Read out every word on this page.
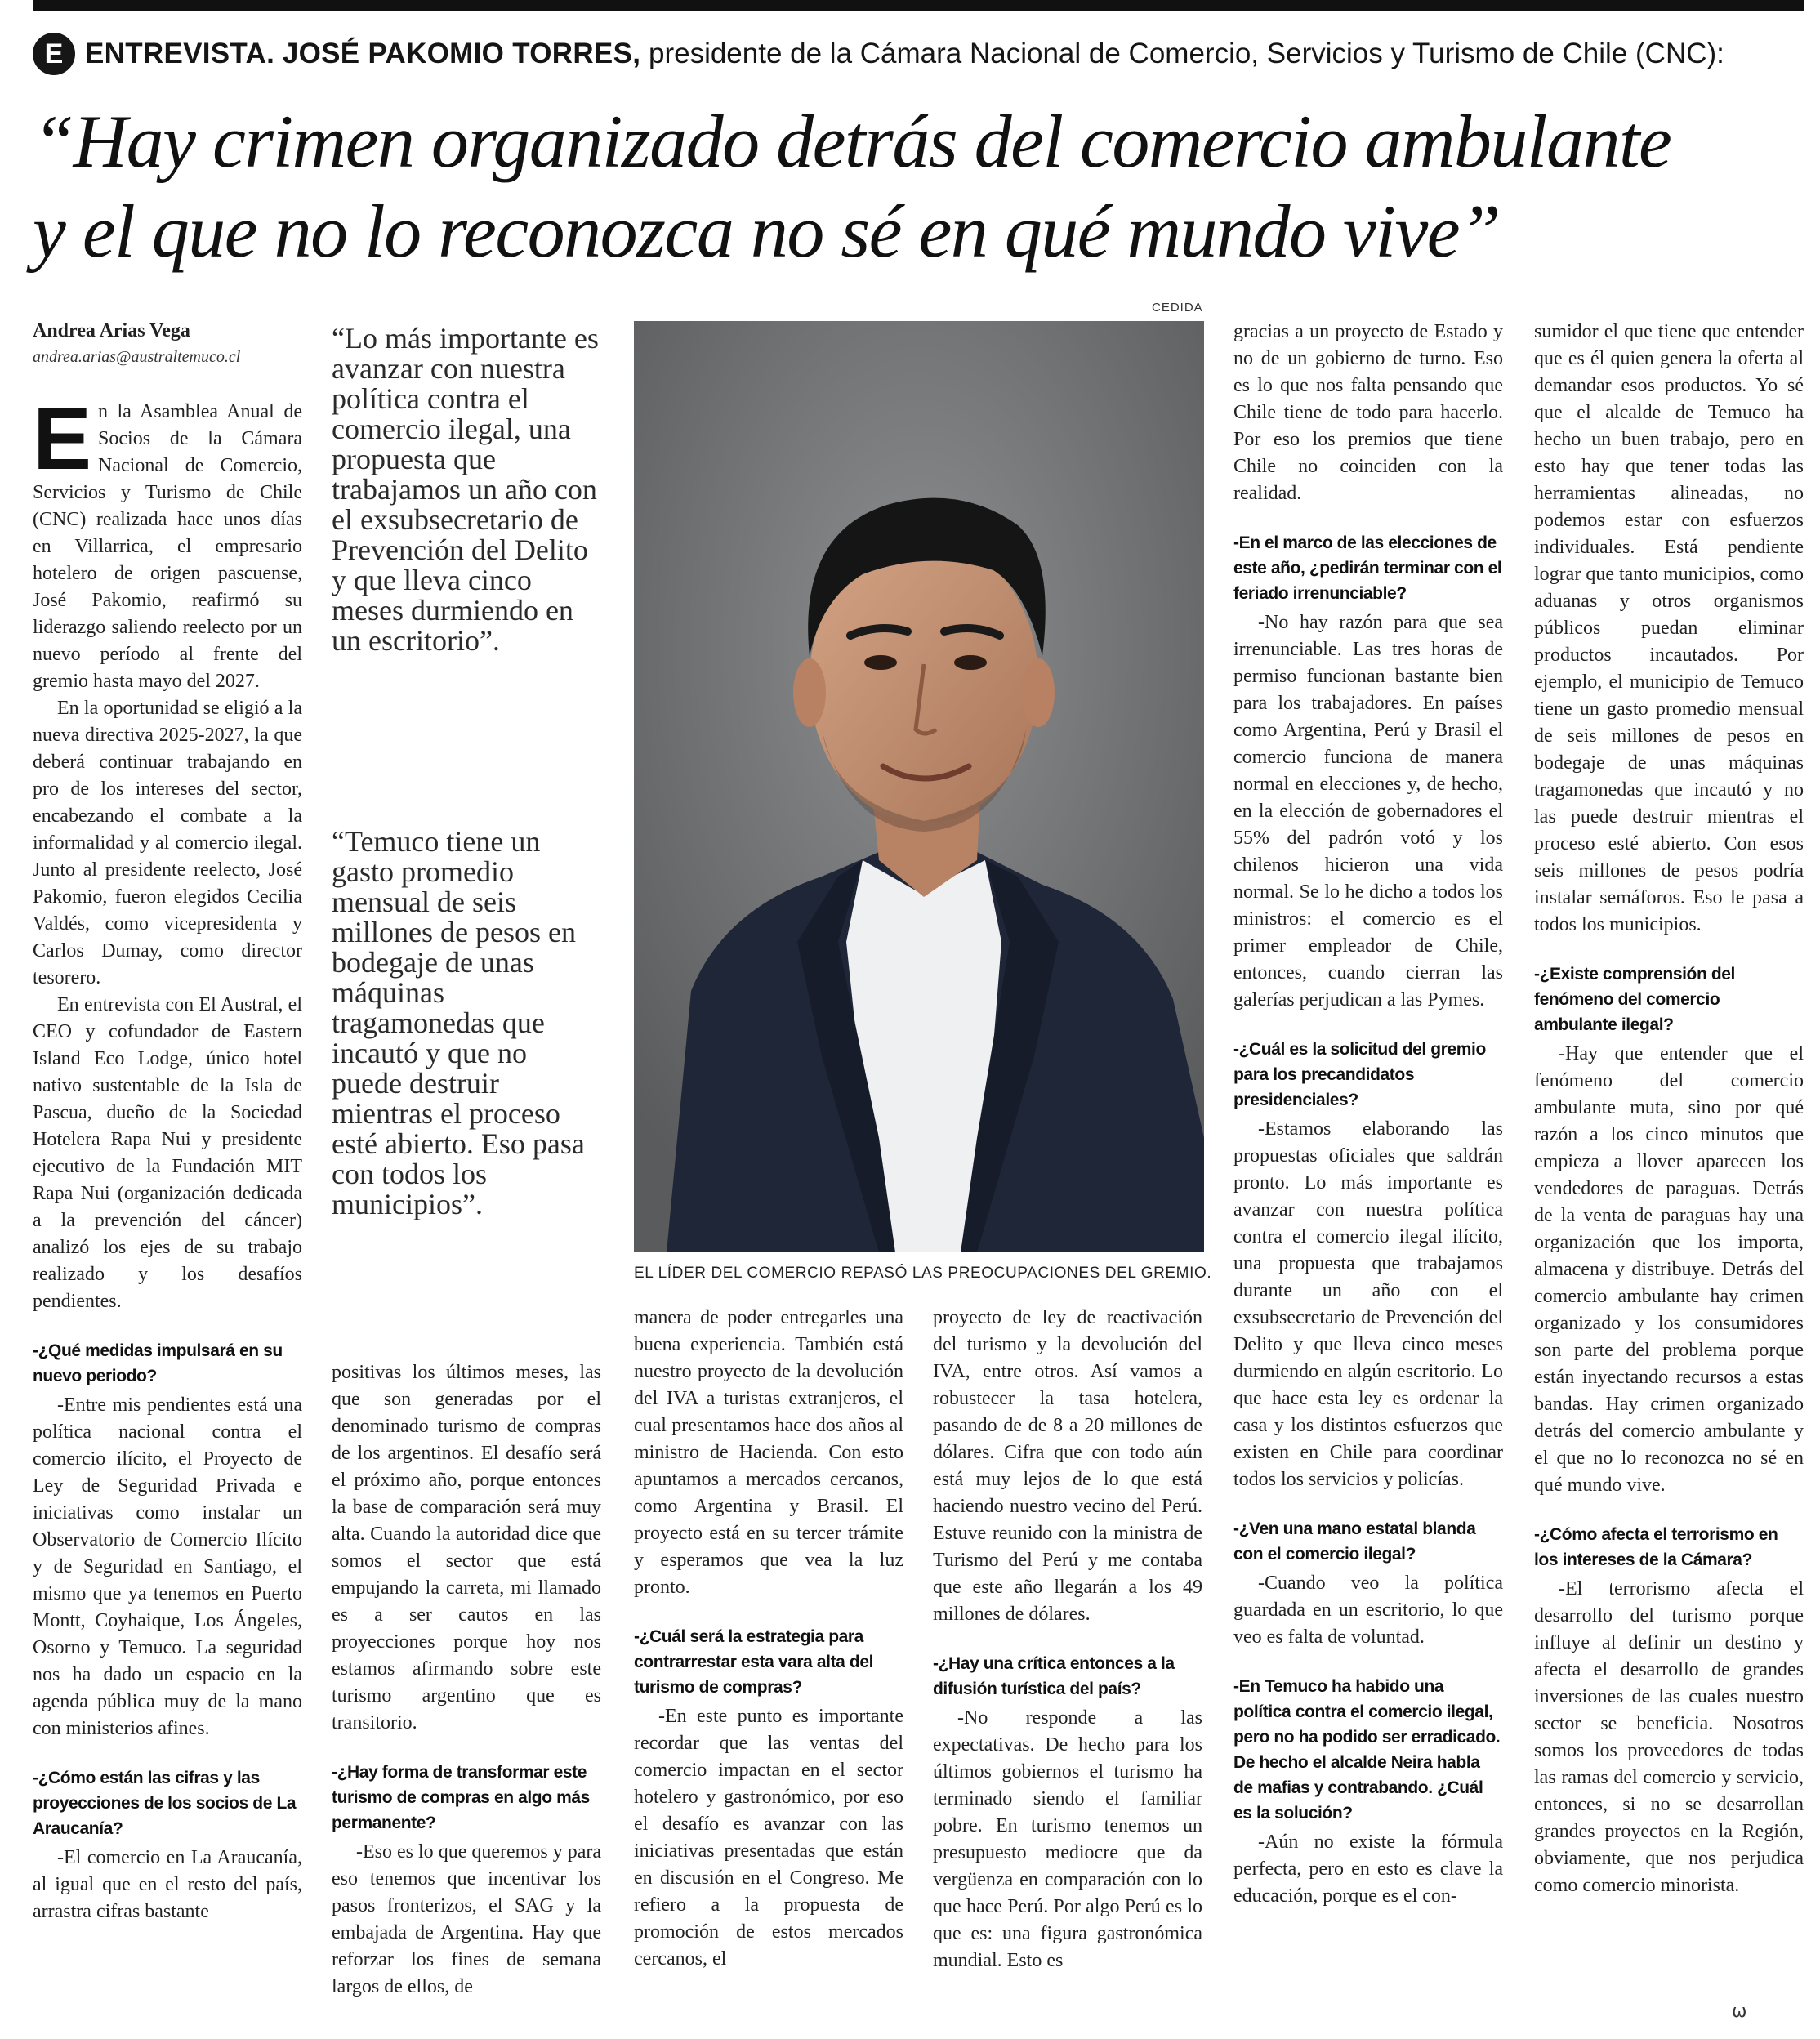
E ENTREVISTA.
JOSÉ PAKOMIO TORRES,
presidente de la Cámara Nacional de Comercio, Servicios y Turismo de Chile (CNC):
“Hay crimen organizado detrás del comercio ambulante
y el que no lo reconozca no sé en qué mundo vive”
Andrea Arias Vega
andrea.arias@australtemuco.cl

En la Asamblea Anual de Socios de la Cámara Nacional de Comercio, Servicios y Turismo de Chile (CNC) realizada hace unos días en Villarrica, el empresario hotelero de origen pascuense, José Pakomio, reafirmó su liderazgo saliendo reelecto por un nuevo período al frente del gremio hasta mayo del 2027.

En la oportunidad se eligió a la nueva directiva 2025-2027, la que deberá continuar trabajando en pro de los intereses del sector, encabezando el combate a la informalidad y al comercio ilegal. Junto al presidente reelecto, José Pakomio, fueron elegidos Cecilia Valdés, como vicepresidenta y Carlos Dumay, como director tesorero.

En entrevista con El Austral, el CEO y cofundador de Eastern Island Eco Lodge, único hotel nativo sustentable de la Isla de Pascua, dueño de la Sociedad Hotelera Rapa Nui y presidente ejecutivo de la Fundación MIT Rapa Nui (organización dedicada a la prevención del cáncer) analizó los ejes de su trabajo realizado y los desafíos pendientes.

-¿Qué medidas impulsará en su nuevo periodo?

-Entre mis pendientes está una política nacional contra el comercio ilícito, el Proyecto de Ley de Seguridad Privada e iniciativas como instalar un Observatorio de Comercio Ilícito y de Seguridad en Santiago, el mismo que ya tenemos en Puerto Montt, Coyhaique, Los Ángeles, Osorno y Temuco. La seguridad nos ha dado un espacio en la agenda pública muy de la mano con ministerios afines.

-¿Cómo están las cifras y las proyecciones de los socios de La Araucanía?

-El comercio en La Araucanía, al igual que en el resto del país, arrastra cifras bastante

“Lo más importante es avanzar con nuestra política contra el comercio ilegal, una propuesta que trabajamos un año con el exsubsecretario de Prevención del Delito y que lleva cinco meses durmiendo en un escritorio”.
“Temuco tiene un gasto promedio mensual de seis millones de pesos en bodegaje de unas máquinas tragamonedas que incautó y que no puede destruir mientras el proceso esté abierto. Eso pasa con todos los municipios”.
CEDIDA
EL LÍDER DEL COMERCIO REPASÓ LAS PREOCUPACIONES DEL GREMIO.

positivas los últimos meses, las que son generadas por el denominado turismo de compras de los argentinos. El desafío será el próximo año, porque entonces la base de comparación será muy alta. Cuando la autoridad dice que somos el sector que está empujando la carreta, mi llamado es a ser cautos en las proyecciones porque hoy nos estamos afirmando sobre este turismo argentino que es transitorio.

-¿Hay forma de transformar este turismo de compras en algo más permanente?

-Eso es lo que queremos y para eso tenemos que incentivar los pasos fronterizos, el SAG y la embajada de Argentina. Hay que reforzar los fines de semana largos de ellos, de

manera de poder entregarles una buena experiencia. También está nuestro proyecto de la devolución del IVA a turistas extranjeros, el cual presentamos hace dos años al ministro de Hacienda. Con esto apuntamos a mercados cercanos, como Argentina y Brasil. El proyecto está en su tercer trámite y esperamos que vea la luz pronto.

-¿Cuál será la estrategia para contrarrestar esta vara alta del turismo de compras?

-En este punto es importante recordar que las ventas del comercio impactan en el sector hotelero y gastronómico, por eso el desafío es avanzar con las iniciativas presentadas que están en discusión en el Congreso. Me refiero a la propuesta de promoción de estos mercados cercanos, el

proyecto de ley de reactivación del turismo y la devolución del IVA, entre otros. Así vamos a robustecer la tasa hotelera, pasando de de 8 a 20 millones de dólares. Cifra que con todo aún está muy lejos de lo que está haciendo nuestro vecino del Perú. Estuve reunido con la ministra de Turismo del Perú y me contaba que este año llegarán a los 49 millones de dólares.

-¿Hay una crítica entonces a la difusión turística del país?

-No responde a las expectativas. De hecho para los últimos gobiernos el turismo ha terminado siendo el familiar pobre. En turismo tenemos un presupuesto mediocre que da vergüenza en comparación con lo que hace Perú. Por algo Perú es lo que es: una figura gastronómica mundial. Esto es

gracias a un proyecto de Estado y no de un gobierno de turno. Eso es lo que nos falta pensando que Chile tiene de todo para hacerlo. Por eso los premios que tiene Chile no coinciden con la realidad.

-En el marco de las elecciones de este año, ¿pedirán terminar con el feriado irrenunciable?

-No hay razón para que sea irrenunciable. Las tres horas de permiso funcionan bastante bien para los trabajadores. En países como Argentina, Perú y Brasil el comercio funciona de manera normal en elecciones y, de hecho, en la elección de gobernadores el 55% del padrón votó y los chilenos hicieron una vida normal. Se lo he dicho a todos los ministros: el comercio es el primer empleador de Chile, entonces, cuando cierran las galerías perjudican a las Pymes.

-¿Cuál es la solicitud del gremio para los precandidatos presidenciales?

-Estamos elaborando las propuestas oficiales que saldrán pronto. Lo más importante es avanzar con nuestra política contra el comercio ilegal ilícito, una propuesta que trabajamos durante un año con el exsubsecretario de Prevención del Delito y que lleva cinco meses durmiendo en algún escritorio. Lo que hace esta ley es ordenar la casa y los distintos esfuerzos que existen en Chile para coordinar todos los servicios y policías.

-¿Ven una mano estatal blanda con el comercio ilegal?

-Cuando veo la política guardada en un escritorio, lo que veo es falta de voluntad.

-En Temuco ha habido una política contra el comercio ilegal, pero no ha podido ser erradicado. De hecho el alcalde Neira habla de mafias y contrabando. ¿Cuál es la solución?

-Aún no existe la fórmula perfecta, pero en esto es clave la educación, porque es el con-

sumidor el que tiene que entender que es él quien genera la oferta al demandar esos productos. Yo sé que el alcalde de Temuco ha hecho un buen trabajo, pero en esto hay que tener todas las herramientas alineadas, no podemos estar con esfuerzos individuales. Está pendiente lograr que tanto municipios, como aduanas y otros organismos públicos puedan eliminar productos incautados. Por ejemplo, el municipio de Temuco tiene un gasto promedio mensual de seis millones de pesos en bodegaje de unas máquinas tragamonedas que incautó y no las puede destruir mientras el proceso esté abierto. Con esos seis millones de pesos podría instalar semáforos. Eso le pasa a todos los municipios.

-¿Existe comprensión del fenómeno del comercio ambulante ilegal?

-Hay que entender que el fenómeno del comercio ambulante muta, sino por qué razón a los cinco minutos que empieza a llover aparecen los vendedores de paraguas. Detrás de la venta de paraguas hay una organización que los importa, almacena y distribuye. Detrás del comercio ambulante hay crimen organizado y los consumidores son parte del problema porque están inyectando recursos a estas bandas. Hay crimen organizado detrás del comercio ambulante y el que no lo reconozca no sé en qué mundo vive.

-¿Cómo afecta el terrorismo en los intereses de la Cámara?

-El terrorismo afecta el desarrollo del turismo porque influye al definir un destino y afecta el desarrollo de grandes inversiones de las cuales nuestro sector se beneficia. Nosotros somos los proveedores de todas las ramas del comercio y servicio, entonces, si no se desarrollan grandes proyectos en la Región, obviamente, que nos perjudica como comercio minorista.

ω
